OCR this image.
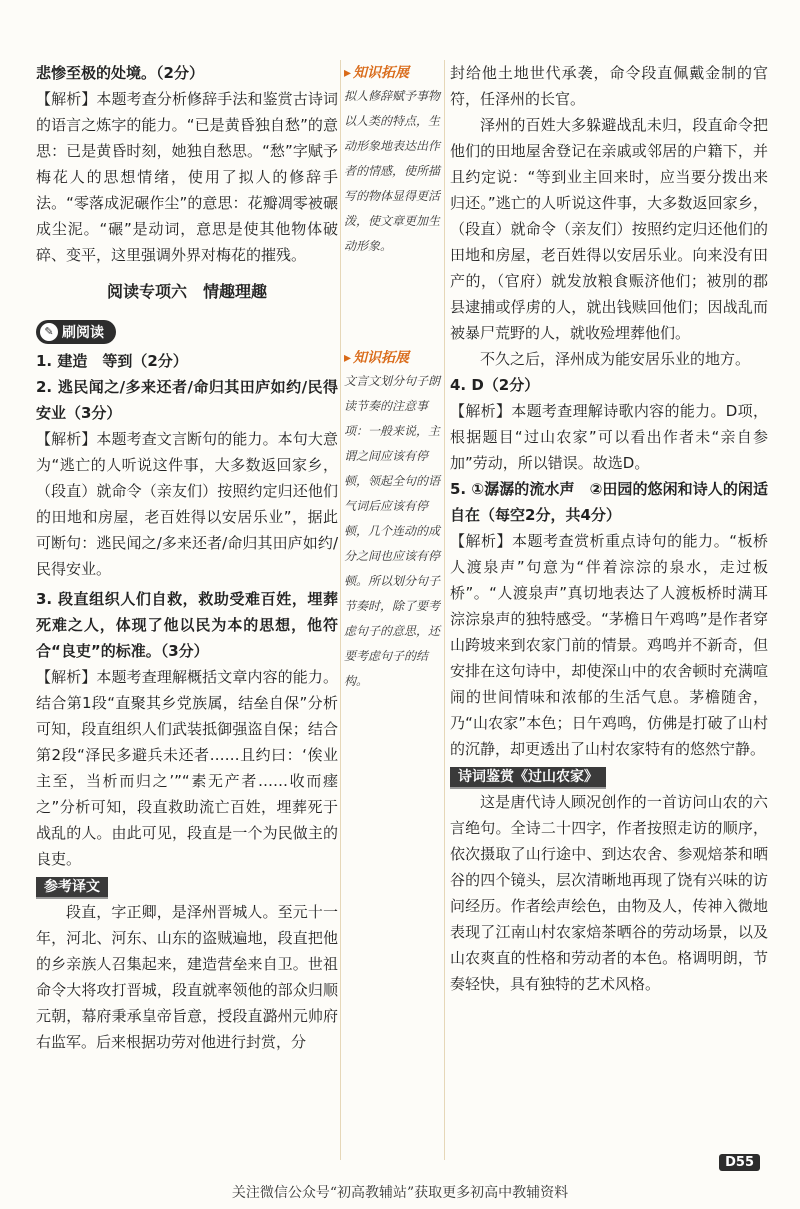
悲惨至极的处境。（2分）

【解析】本题考查分析修辞手法和鉴赏古诗词的语言之炼字的能力。“已是黄昏独自愁”的意思：已是黄昏时刻，她独自愁思。“愁”字赋予梅花人的思想情绪，使用了拟人的修辞手法。“零落成泥碾作尘”的意思：花瓣凋零被碾成尘泥。“碾”是动词，意思是使其他物体破碎、变平，这里强调外界对梅花的摧残。

阅读专项六　情趣理趣
✎ 刷阅读

1. 建造　等到（2分）

2. 逃民闻之/多来还者/命归其田庐如约/民得安业（3分）

【解析】本题考查文言断句的能力。本句大意为“逃亡的人听说这件事，大多数返回家乡，（段直）就命令（亲友们）按照约定归还他们的田地和房屋，老百姓得以安居乐业”，据此可断句：逃民闻之/多来还者/命归其田庐如约/民得安业。

3. 段直组织人们自救，救助受难百姓，埋葬死难之人，体现了他以民为本的思想，他符合“良吏”的标准。（3分）

【解析】本题考查理解概括文章内容的能力。结合第1段“直聚其乡党族属，结垒自保”分析可知，段直组织人们武装抵御强盗自保；结合第2段“泽民多避兵未还者……且约曰：‘俟业主至，当析而归之’”“素无产者……收而瘗之”分析可知，段直救助流亡百姓，埋葬死于战乱的人。由此可见，段直是一个为民做主的良吏。

参考译文

段直，字正卿，是泽州晋城人。至元十一年，河北、河东、山东的盗贼遍地，段直把他的乡亲族人召集起来，建造营垒来自卫。世祖命令大将攻打晋城，段直就率领他的部众归顺元朝，幕府秉承皇帝旨意，授段直潞州元帅府右监军。后来根据功劳对他进行封赏，分

▸ 知识拓展

拟人修辞赋予事物以人类的特点，生动形象地表达出作者的情感，使所描写的物体显得更活泼，使文章更加生动形象。

▸ 知识拓展

文言文划分句子朗读节奏的注意事项：一般来说，主谓之间应该有停顿，领起全句的语气词后应该有停顿，几个连动的成分之间也应该有停顿。所以划分句子节奏时，除了要考虑句子的意思，还要考虑句子的结构。

封给他土地世代承袭，命令段直佩戴金制的官符，任泽州的长官。

泽州的百姓大多躲避战乱未归，段直命令把他们的田地屋舍登记在亲戚或邻居的户籍下，并且约定说：“等到业主回来时，应当要分拨出来归还。”逃亡的人听说这件事，大多数返回家乡，（段直）就命令（亲友们）按照约定归还他们的田地和房屋，老百姓得以安居乐业。向来没有田产的，（官府）就发放粮食赈济他们；被別的郡县逮捕或俘虏的人，就出钱赎回他们；因战乱而被暴尸荒野的人，就收殓埋葬他们。

不久之后，泽州成为能安居乐业的地方。

4. D（2分）

【解析】本题考查理解诗歌内容的能力。D项，根据题目“过山农家”可以看出作者未“亲自参加”劳动，所以错误。故选D。

5. ①潺潺的流水声　②田园的悠闲和诗人的闲适自在（每空2分，共4分）

【解析】本题考查赏析重点诗句的能力。“板桥人渡泉声”句意为“伴着淙淙的泉水，走过板桥”。“人渡泉声”真切地表达了人渡板桥时满耳淙淙泉声的独特感受。“茅檐日午鸡鸣”是作者穿山跨坡来到农家门前的情景。鸡鸣并不新奇，但安排在这句诗中，却使深山中的农舍顿时充满喧闹的世间情味和浓郁的生活气息。茅檐随舍，乃“山农家”本色；日午鸡鸣，仿佛是打破了山村的沉静，却更透出了山村农家特有的悠然宁静。

诗词鉴赏《过山农家》

这是唐代诗人顾况创作的一首访问山农的六言绝句。全诗二十四字，作者按照走访的顺序，依次摄取了山行途中、到达农舍、参观焙茶和晒谷的四个镜头，层次清晰地再现了饶有兴味的访问经历。作者绘声绘色，由物及人，传神入微地表现了江南山村农家焙茶晒谷的劳动场景，以及山农爽直的性格和劳动者的本色。格调明朗，节奏轻快，具有独特的艺术风格。

D55
关注微信公众号“初高教辅站”获取更多初高中教辅资料
